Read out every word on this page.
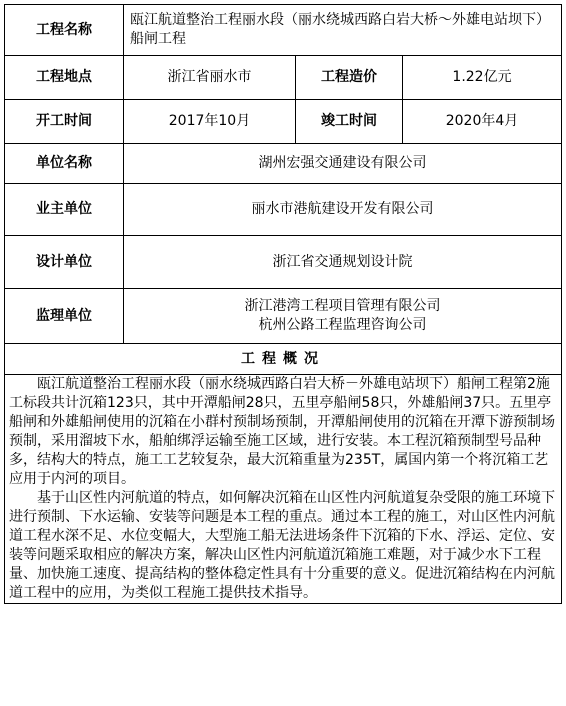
工程名称	瓯江航道整治工程丽水段（丽水绕城西路白岩大桥～外雄电站坝下）船闸工程		
工程地点	浙江省丽水市	工程造价	1.22亿元
开工时间	2017年10月	竣工时间	2020年4月
单位名称	湖州宏强交通建设有限公司		
业主单位	丽水市港航建设开发有限公司		
设计单位	浙江省交通规划设计院		
监理单位	浙江港湾工程项目管理有限公司
杭州公路工程监理咨询公司		

工程概况			

瓯江航道整治工程丽水段（丽水绕城西路白岩大桥－外雄电站坝下）船闸工程第2施工标段共计沉箱123只，其中开潭船闸28只，五里亭船闸58只，外雄船闸37只。五里亭船闸和外雄船闸使用的沉箱在小群村预制场预制，开潭船闸使用的沉箱在开潭下游预制场预制，采用溜坡下水，船舶绑浮运输至施工区域，进行安装。本工程沉箱预制型号品种多，结构大的特点，施工工艺较复杂，最大沉箱重量为235T，属国内第一个将沉箱工艺应用于内河的项目。

基于山区性内河航道的特点，如何解决沉箱在山区性内河航道复杂受限的施工环境下进行预制、下水运输、安装等问题是本工程的重点。通过本工程的施工，对山区性内河航道工程水深不足、水位变幅大，大型施工船无法进场条件下沉箱的下水、浮运、定位、安装等问题采取相应的解决方案，解决山区性内河航道沉箱施工难题，对于减少水下工程量、加快施工速度、提高结构的整体稳定性具有十分重要的意义。促进沉箱结构在内河航道工程中的应用，为类似工程施工提供技术指导。			
